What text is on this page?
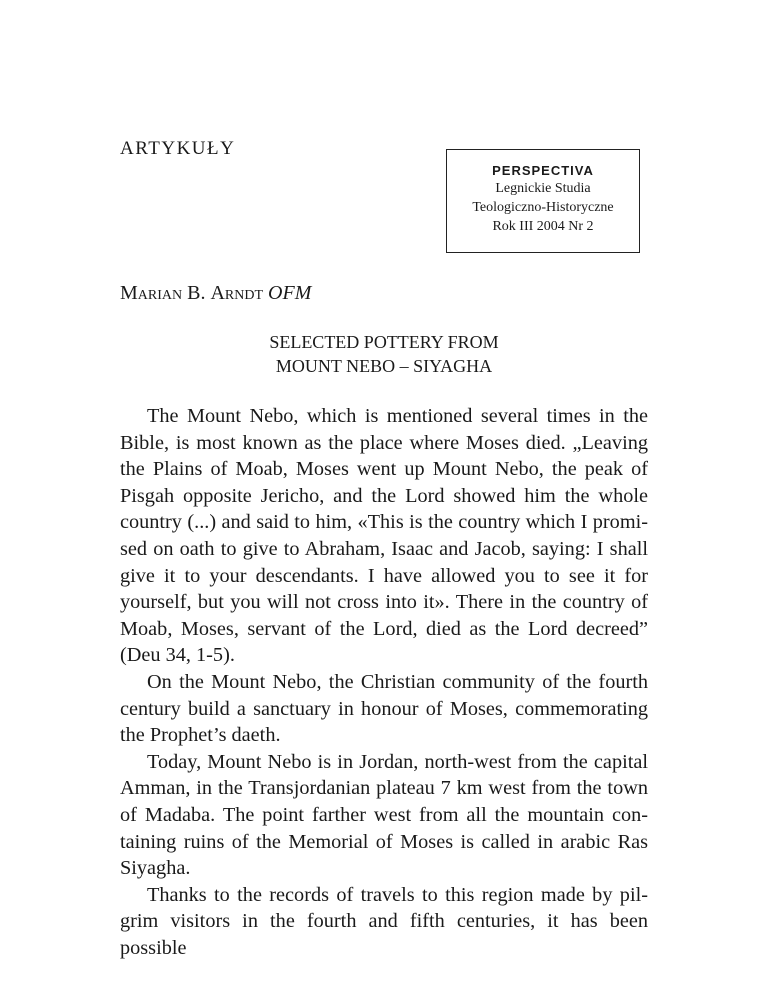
ARTYKUŁY
PERSPECTIVA
Legnickie Studia
Teologiczno-Historyczne
Rok III 2004 Nr 2
Marian B. Arndt OFM
SELECTED POTTERY FROM
MOUNT NEBO – SIYAGHA

The Mount Nebo, which is mentioned several times in the Bible, is most known as the place where Moses died. „Leaving the Plains of Moab, Moses went up Mount Nebo, the peak of Pisgah opposite Jericho, and the Lord showed him the whole country (...) and said to him, «This is the country which I promised on oath to give to Abraham, Isaac and Jacob, saying: I shall give it to your descendants. I have allowed you to see it for yourself, but you will not cross into it». There in the country of Moab, Moses, servant of the Lord, died as the Lord decreed” (Deu 34, 1-5).

On the Mount Nebo, the Christian community of the fourth century build a sanctuary in honour of Moses, commemorating the Prophet’s daeth.

Today, Mount Nebo is in Jordan, north-west from the capital Amman, in the Transjordanian plateau 7 km west from the town of Madaba. The point farther west from all the mountain containing ruins of the Memorial of Moses is called in arabic Ras Siyagha.

Thanks to the records of travels to this region made by pilgrim visitors in the fourth and fifth centuries, it has been possible
